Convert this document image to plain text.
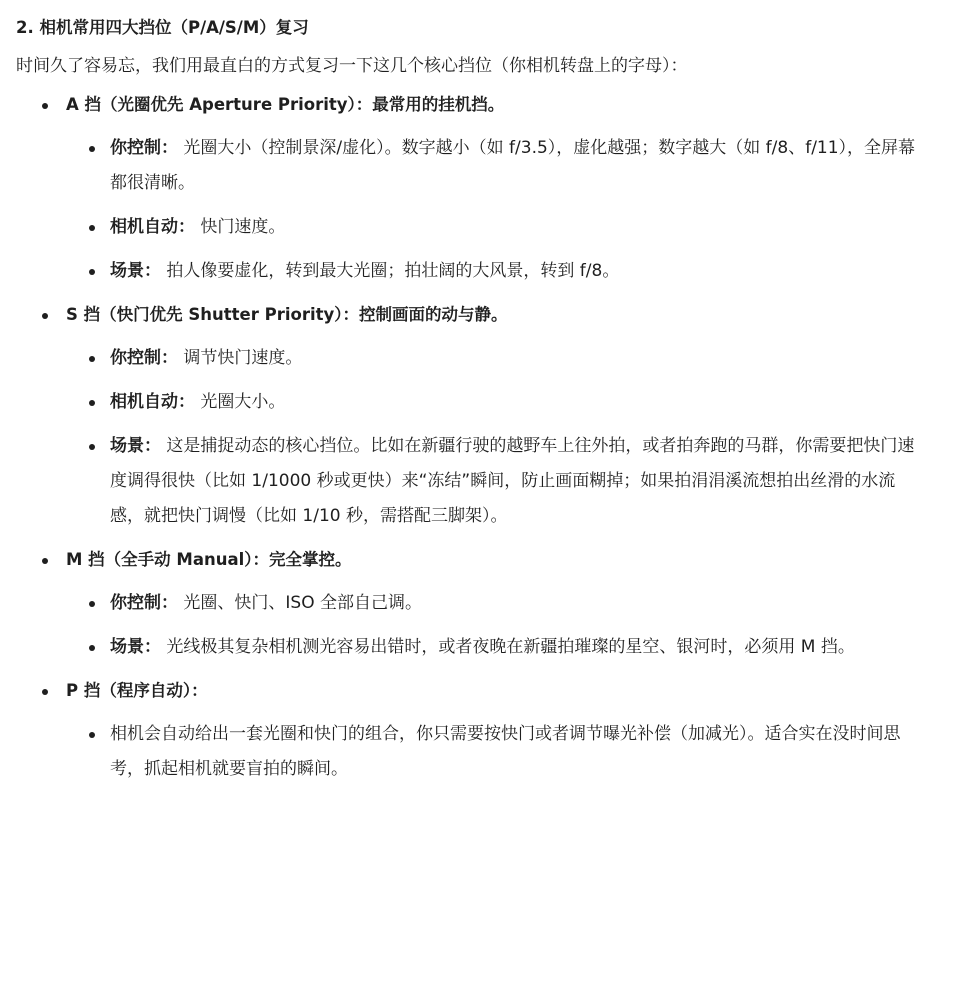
2. 相机常用四大挡位（P/A/S/M）复习
时间久了容易忘，我们用最直白的方式复习一下这几个核心挡位（你相机转盘上的字母）：
A 挡（光圈优先 Aperture Priority）：最常用的挂机挡。
你控制： 光圈大小（控制景深/虚化）。数字越小（如 f/3.5），虚化越强；数字越大（如 f/8、f/11），全屏幕都很清晰。
相机自动： 快门速度。
场景： 拍人像要虚化，转到最大光圈；拍壮阔的大风景，转到 f/8。
S 挡（快门优先 Shutter Priority）：控制画面的动与静。
你控制： 调节快门速度。
相机自动： 光圈大小。
场景： 这是捕捉动态的核心挡位。比如在新疆行驶的越野车上往外拍，或者拍奔跑的马群，你需要把快门速度调得很快（比如 1/1000 秒或更快）来“冻结”瞬间，防止画面糊掉；如果拍涓涓溪流想拍出丝滑的水流感，就把快门调慢（比如 1/10 秒，需搭配三脚架）。
M 挡（全手动 Manual）：完全掌控。
你控制： 光圈、快门、ISO 全部自己调。
场景： 光线极其复杂相机测光容易出错时，或者夜晚在新疆拍璀璨的星空、银河时，必须用 M 挡。
P 挡（程序自动）：
相机会自动给出一套光圈和快门的组合，你只需要按快门或者调节曝光补偿（加减光）。适合实在没时间思考，抓起相机就要盲拍的瞬间。
